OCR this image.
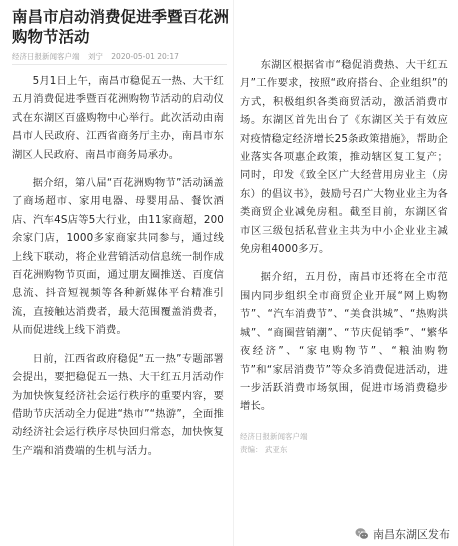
南昌市启动消费促进季暨百花洲购物节活动
经济日报新闻客户端 刘宁 2020-05-01 20:17

5月1日上午，南昌市稳促五一热、大干红五月消费促进季暨百花洲购物节活动的启动仪式在东湖区百盛购物中心举行。此次活动由南昌市人民政府、江西省商务厅主办，南昌市东湖区人民政府、南昌市商务局承办。

据介绍，第八届“百花洲购物节”活动涵盖了商场超市、家用电器、母婴用品、餐饮酒店、汽车4S店等5大行业，由11家商超，200余家门店，1000多家商家共同参与，通过线上线下联动，将企业营销活动信息统一制作成百花洲购物节页面，通过朋友圈推送、百度信息流、抖音短视频等各种新媒体平台精准引流，直接触达消费者，最大范围覆盖消费者，从而促进线上线下消费。

日前，江西省政府稳促“五一热”专题部署会提出，要把稳促五一热、大干红五月活动作为加快恢复经济社会运行秩序的重要内容，要借助节庆活动全力促进“热市”“热游”，全面推动经济社会运行秩序尽快回归常态，加快恢复生产端和消费端的生机与活力。

东湖区根据省市“稳促消费热、大干红五月”工作要求，按照“政府搭台、企业组织”的方式，积极组织各类商贸活动，激活消费市场。东湖区首先出台了《东湖区关于有效应对疫情稳定经济增长25条政策措施》，帮助企业落实各项惠企政策，推动辖区复工复产；同时，印发《致全区广大经营用房业主（房东）的倡议书》，鼓励号召广大物业业主为各类商贸企业减免房租。截至目前，东湖区省市区三级包括私营业主共为中小企业业主减免房租4000多万。

据介绍，五月份，南昌市还将在全市范围内同步组织全市商贸企业开展“网上购物节”、“汽车消费节”、“美食洪城”、“热购洪城”、“商圈营销潮”、“节庆促销季”、“繁华夜经济”、“家电购物节”、“粮油购物节”和“家居消费节”等众多消费促进活动，进一步活跃消费市场氛围，促进市场消费稳步增长。

经济日报新闻客户端
责编： 武亚东
南昌东湖区发布
